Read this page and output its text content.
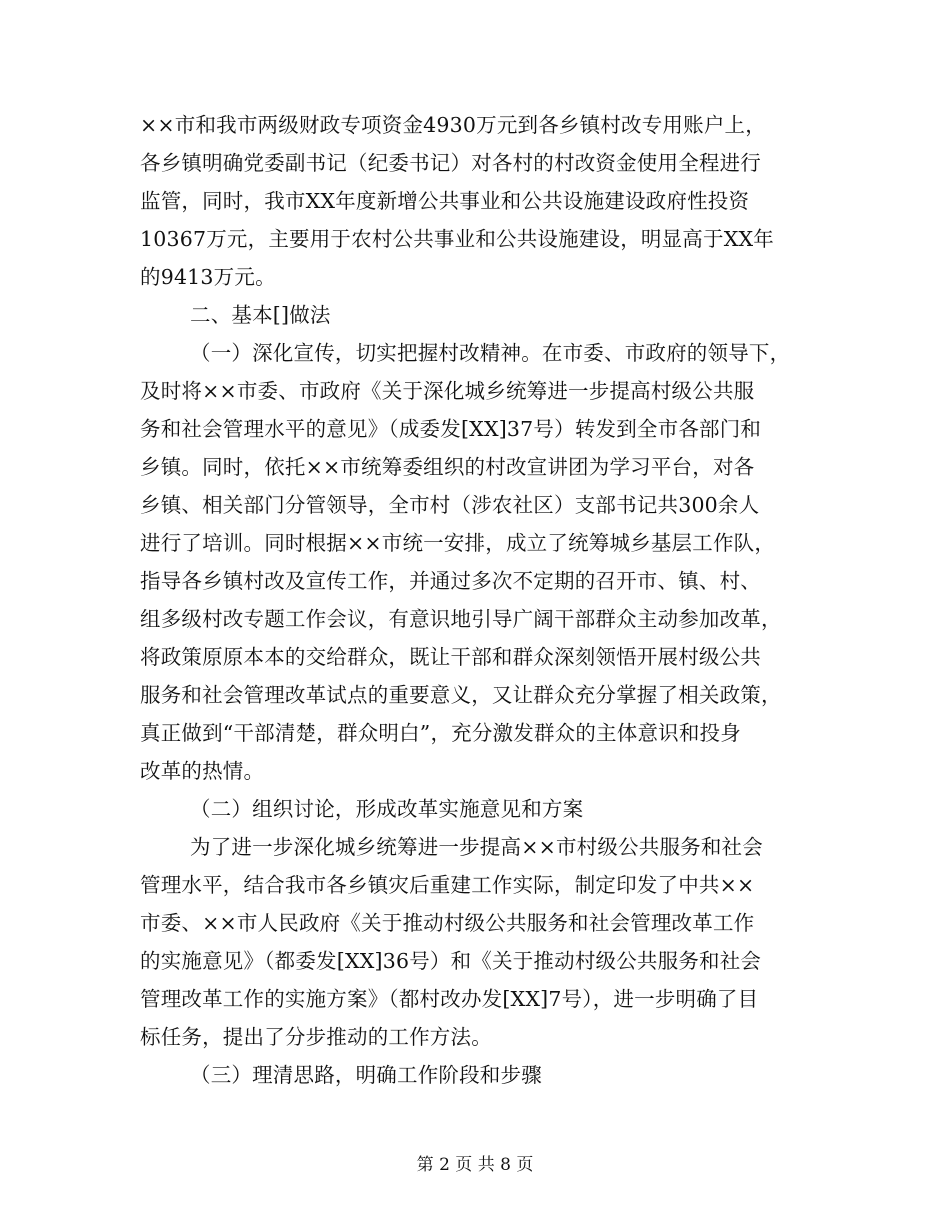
××市和我市两级财政专项资金4930万元到各乡镇村改专用账户上，
各乡镇明确党委副书记（纪委书记）对各村的村改资金使用全程进行
监管，同时，我市XX年度新增公共事业和公共设施建设政府性投资
10367万元，主要用于农村公共事业和公共设施建设，明显高于XX年
的9413万元。
二、基本[]做法
（一）深化宣传，切实把握村改精神。在市委、市政府的领导下，
及时将××市委、市政府《关于深化城乡统筹进一步提高村级公共服
务和社会管理水平的意见》（成委发[XX]37号）转发到全市各部门和
乡镇。同时，依托××市统筹委组织的村改宣讲团为学习平台，对各
乡镇、相关部门分管领导，全市村（涉农社区）支部书记共300余人
进行了培训。同时根据××市统一安排，成立了统筹城乡基层工作队，
指导各乡镇村改及宣传工作，并通过多次不定期的召开市、镇、村、
组多级村改专题工作会议，有意识地引导广阔干部群众主动参加改革，
将政策原原本本的交给群众，既让干部和群众深刻领悟开展村级公共
服务和社会管理改革试点的重要意义，又让群众充分掌握了相关政策，
真正做到“干部清楚，群众明白”，充分激发群众的主体意识和投身
改革的热情。
（二）组织讨论，形成改革实施意见和方案
为了进一步深化城乡统筹进一步提高××市村级公共服务和社会
管理水平，结合我市各乡镇灾后重建工作实际，制定印发了中共××
市委、××市人民政府《关于推动村级公共服务和社会管理改革工作
的实施意见》（都委发[XX]36号）和《关于推动村级公共服务和社会
管理改革工作的实施方案》（都村改办发[XX]7号），进一步明确了目
标任务，提出了分步推动的工作方法。
（三）理清思路，明确工作阶段和步骤
第 2 页 共 8 页
